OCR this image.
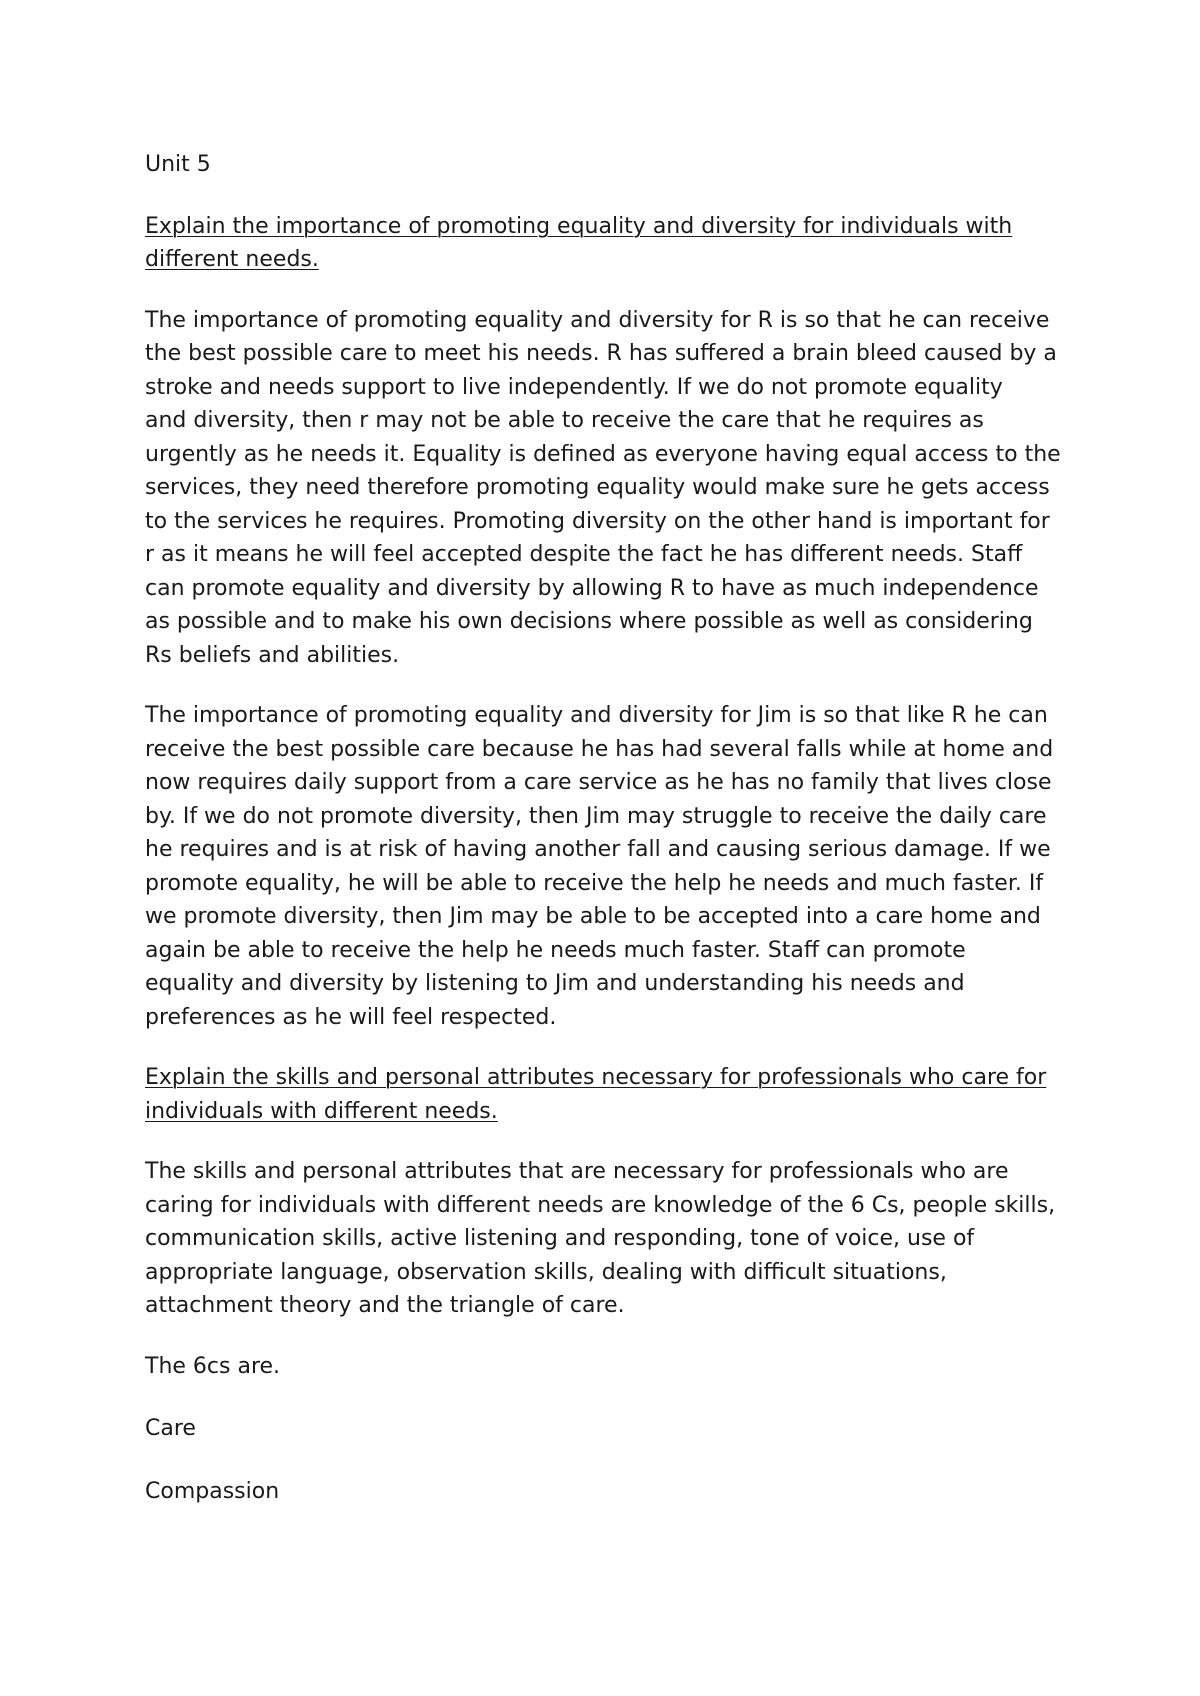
Unit 5

Explain the importance of promoting equality and diversity for individuals with

different needs.

The importance of promoting equality and diversity for R is so that he can receive

the best possible care to meet his needs. R has suffered a brain bleed caused by a

stroke and needs support to live independently. If we do not promote equality

and diversity, then r may not be able to receive the care that he requires as

urgently as he needs it. Equality is defined as everyone having equal access to the

services, they need therefore promoting equality would make sure he gets access

to the services he requires. Promoting diversity on the other hand is important for

r as it means he will feel accepted despite the fact he has different needs. Staff

can promote equality and diversity by allowing R to have as much independence

as possible and to make his own decisions where possible as well as considering

Rs beliefs and abilities.

The importance of promoting equality and diversity for Jim is so that like R he can

receive the best possible care because he has had several falls while at home and

now requires daily support from a care service as he has no family that lives close

by. If we do not promote diversity, then Jim may struggle to receive the daily care

he requires and is at risk of having another fall and causing serious damage. If we

promote equality, he will be able to receive the help he needs and much faster. If

we promote diversity, then Jim may be able to be accepted into a care home and

again be able to receive the help he needs much faster. Staff can promote

equality and diversity by listening to Jim and understanding his needs and

preferences as he will feel respected.

Explain the skills and personal attributes necessary for professionals who care for

individuals with different needs.

The skills and personal attributes that are necessary for professionals who are

caring for individuals with different needs are knowledge of the 6 Cs, people skills,

communication skills, active listening and responding, tone of voice, use of

appropriate language, observation skills, dealing with difficult situations,

attachment theory and the triangle of care.

The 6cs are.

Care

Compassion
